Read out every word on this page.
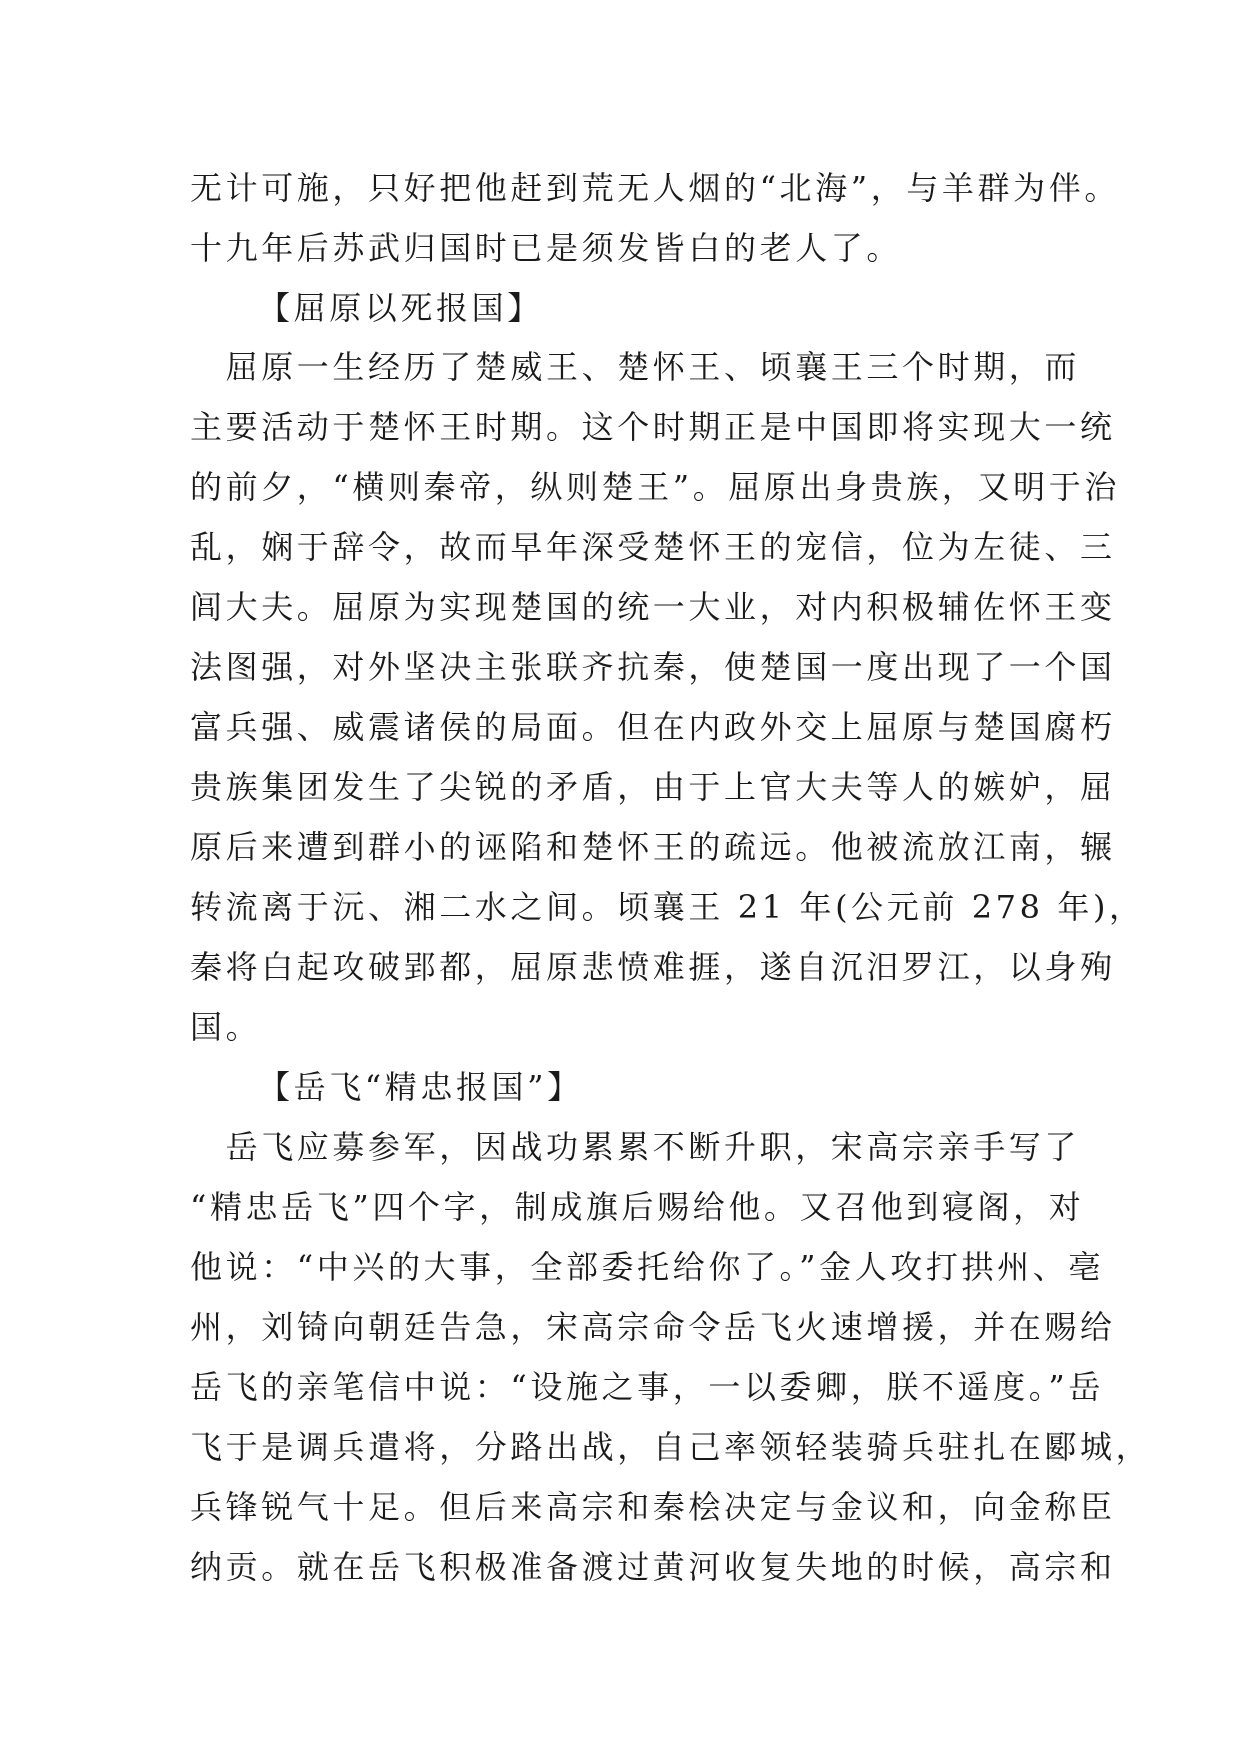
无计可施，只好把他赶到荒无人烟的“北海”，与羊群为伴。
十九年后苏武归国时已是须发皆白的老人了。
【屈原以死报国】
　屈原一生经历了楚威王、楚怀王、顷襄王三个时期，而
主要活动于楚怀王时期。这个时期正是中国即将实现大一统
的前夕，“横则秦帝，纵则楚王”。屈原出身贵族，又明于治
乱，娴于辞令，故而早年深受楚怀王的宠信，位为左徒、三
闾大夫。屈原为实现楚国的统一大业，对内积极辅佐怀王变
法图强，对外坚决主张联齐抗秦，使楚国一度出现了一个国
富兵强、威震诸侯的局面。但在内政外交上屈原与楚国腐朽
贵族集团发生了尖锐的矛盾，由于上官大夫等人的嫉妒，屈
原后来遭到群小的诬陷和楚怀王的疏远。他被流放江南，辗
转流离于沅、湘二水之间。顷襄王 21 年(公元前 278 年)，
秦将白起攻破郢都，屈原悲愤难捱，遂自沉汨罗江，以身殉
国。
【岳飞“精忠报国”】
　岳飞应募参军，因战功累累不断升职，宋高宗亲手写了
“精忠岳飞”四个字，制成旗后赐给他。又召他到寝阁，对
他说：“中兴的大事，全部委托给你了。”金人攻打拱州、亳
州，刘锜向朝廷告急，宋高宗命令岳飞火速增援，并在赐给
岳飞的亲笔信中说：“设施之事，一以委卿，朕不遥度。”岳
飞于是调兵遣将，分路出战，自己率领轻装骑兵驻扎在郾城，
兵锋锐气十足。但后来高宗和秦桧决定与金议和，向金称臣
纳贡。就在岳飞积极准备渡过黄河收复失地的时候，高宗和
